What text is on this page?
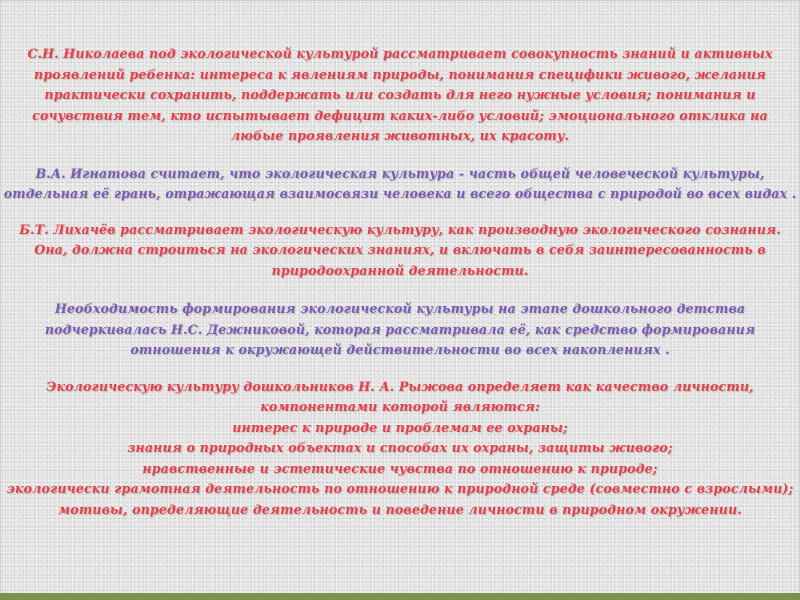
С.Н. Николаева под экологической культурой рассматривает совокупность знаний и активных
проявлений ребенка: интереса к явлениям природы, понимания специфики живого, желания
практически сохранить, поддержать или создать для него нужные условия; понимания и
сочувствия тем, кто испытывает дефицит каких-либо условий; эмоционального отклика на
любые проявления животных, их красоту.

В.А. Игнатова считает, что экологическая культура - часть общей человеческой культуры,
отдельная её грань, отражающая взаимосвязи человека и всего общества с природой во всех видах .

Б.Т. Лихачёв рассматривает экологическую культуру, как производную экологического сознания.
Она, должна строиться на экологических знаниях, и включать в себя заинтересованность в
природоохранной деятельности.

Необходимость формирования экологической культуры на этапе дошкольного детства
подчеркивалась Н.С. Дежниковой, которая рассматривала её, как средство формирования
отношения к окружающей действительности во всех накоплениях .

Экологическую культуру дошкольников Н. А. Рыжова определяет как качество личности,
компонентами которой являются:
интерес к природе и проблемам ее охраны;
знания о природных объектах и способах их охраны, защиты живого;
нравственные и эстетические чувства по отношению к природе;
экологически грамотная деятельность по отношению к природной среде (совместно с взрослыми);
мотивы, определяющие деятельность и поведение личности в природном окружении.
